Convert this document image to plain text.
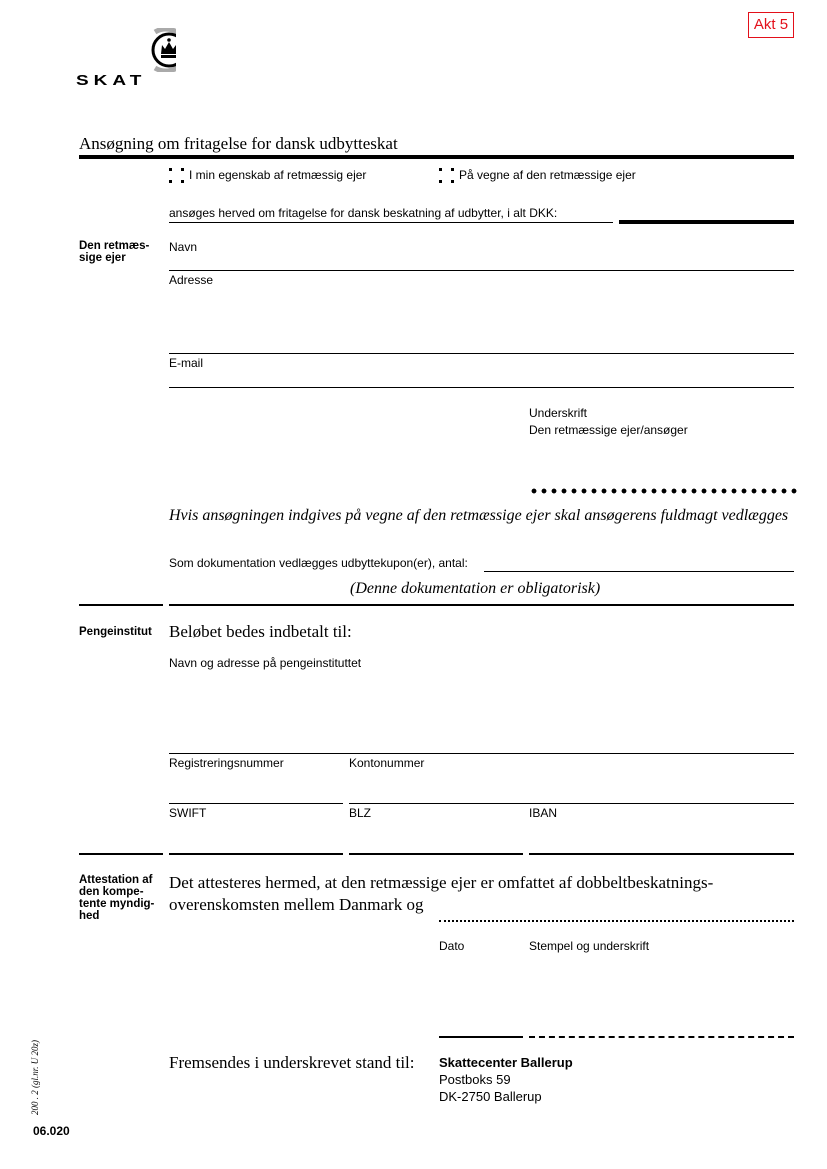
Akt 5
SKAT
Ansøgning om fritagelse for dansk udbytteskat
I min egenskab af retmæssig ejer	På vegne af den retmæssige ejer
ansøges herved om fritagelse for dansk beskatning af udbytter, i alt DKK:
Den retmæs-
sige ejer
Navn
Adresse
E-mail
Underskrift
Den retmæssige ejer/ansøger
Hvis ansøgningen indgives på vegne af den retmæssige ejer skal ansøgerens fuldmagt vedlægges
Som dokumentation vedlægges udbyttekupon(er), antal:
(Denne dokumentation er obligatorisk)
Pengeinstitut Beløbet bedes indbetalt til:
Navn og adresse på pengeinstituttet
Registreringsnummer	Kontonummer
SWIFT	BLZ	IBAN
Attestation af
den kompe-
tente myndig-
hed
Det attesteres hermed, at den retmæssige ejer er omfattet af dobbeltbeskatnings-
overenskomsten mellem Danmark og
Dato	Stempel og underskrift
Fremsendes i underskrevet stand til: Skattecenter Ballerup
Postboks 59
DK-2750 Ballerup
200 . 2 (gl.nr. U 20z)
06.020
